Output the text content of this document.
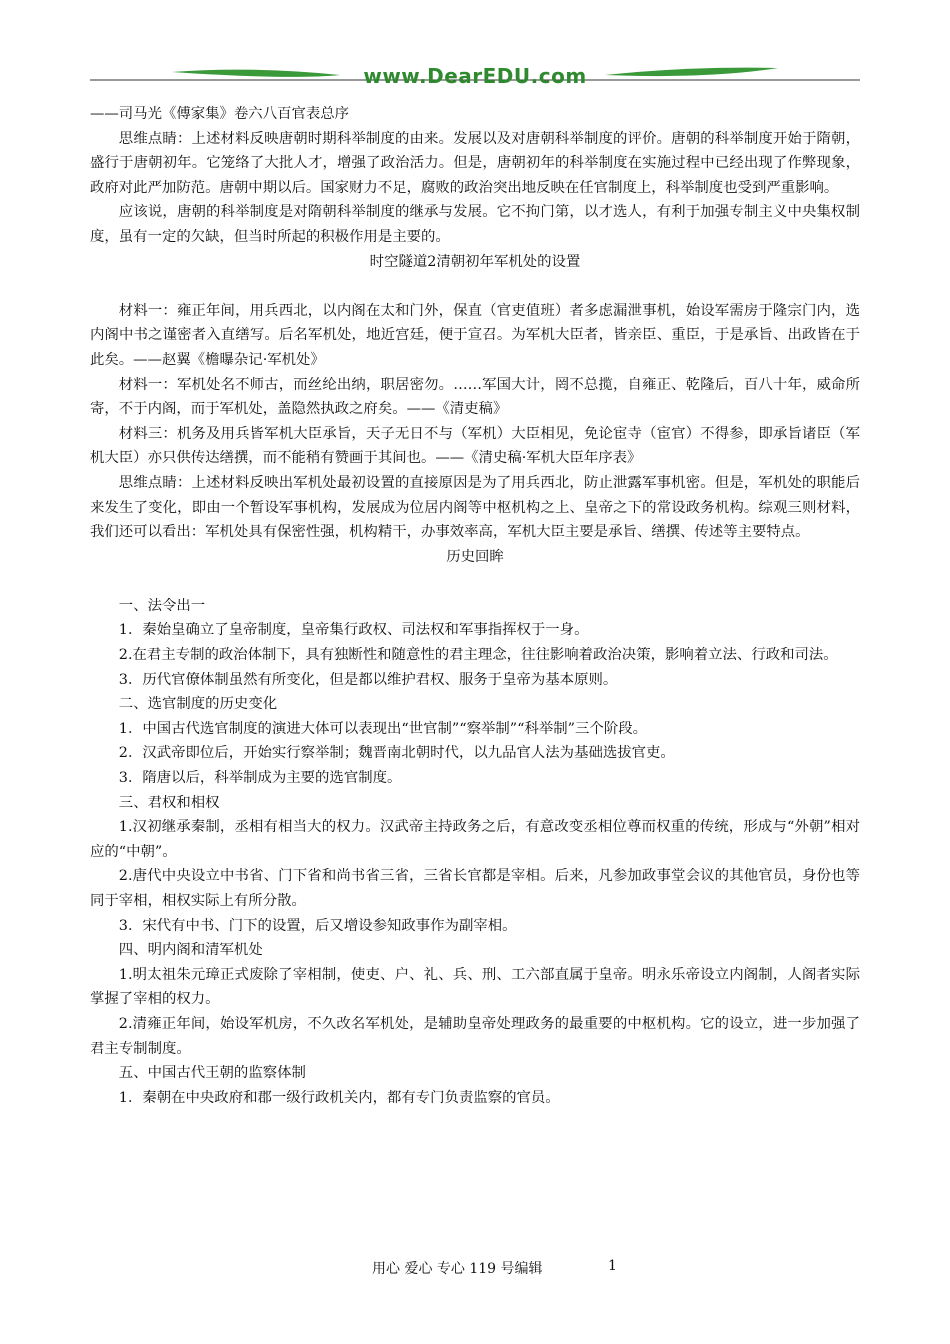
www.DearEDU.com

——司马光《傅家集》卷六八百官表总序

思维点睛：上述材料反映唐朝时期科举制度的由来。发展以及对唐朝科举制度的评价。唐朝的科举制度开始于隋朝，盛行于唐朝初年。它笼络了大批人才，增强了政治活力。但是，唐朝初年的科举制度在实施过程中已经出现了作弊现象，政府对此严加防范。唐朝中期以后。国家财力不足，腐败的政治突出地反映在任官制度上，科举制度也受到严重影响。

应该说，唐朝的科举制度是对隋朝科举制度的继承与发展。它不拘门第，以才选人，有利于加强专制主义中央集权制度，虽有一定的欠缺，但当时所起的积极作用是主要的。

时空隧道2清朝初年军机处的设置

材料一：雍正年间，用兵西北，以内阁在太和门外，保直（官吏值班）者多虑漏泄事机，始设军需房于隆宗门内，选内阁中书之谨密者入直缮写。后名军机处，地近宫廷，便于宣召。为军机大臣者，皆亲臣、重臣，于是承旨、出政皆在于此矣。——赵翼《檐曝杂记·军机处》

材料一：军机处名不师古，而丝纶出纳，职居密勿。……军国大计，罔不总揽，自雍正、乾隆后，百八十年，威命所寄，不于内阁，而于军机处，盖隐然执政之府矣。——《清吏稿》

材料三：机务及用兵皆军机大臣承旨，天子无日不与（军机）大臣相见，免论宦寺（宦官）不得参，即承旨诸臣（军机大臣）亦只供传达缮撰，而不能稍有赞画于其间也。——《清史稿·军机大臣年序表》

思维点睛：上述材料反映出军机处最初设置的直接原因是为了用兵西北，防止泄露军事机密。但是，军机处的职能后来发生了变化，即由一个暂设军事机构，发展成为位居内阁等中枢机构之上、皇帝之下的常设政务机构。综观三则材料，我们还可以看出：军机处具有保密性强，机构精干，办事效率高，军机大臣主要是承旨、缮撰、传述等主要特点。

历史回眸

一、法令出一

1．秦始皇确立了皇帝制度，皇帝集行政权、司法权和军事指挥权于一身。

2.在君主专制的政治体制下，具有独断性和随意性的君主理念，往往影响着政治决策，影响着立法、行政和司法。

3．历代官僚体制虽然有所变化，但是都以维护君权、服务于皇帝为基本原则。

二、选官制度的历史变化

1．中国古代选官制度的演进大体可以表现出“世官制”“察举制”“科举制”三个阶段。

2．汉武帝即位后，开始实行察举制；魏晋南北朝时代，以九品官人法为基础选拔官吏。

3．隋唐以后，科举制成为主要的选官制度。

三、君权和相权

1.汉初继承秦制，丞相有相当大的权力。汉武帝主持政务之后，有意改变丞相位尊而权重的传统，形成与“外朝”相对应的“中朝”。

2.唐代中央设立中书省、门下省和尚书省三省，三省长官都是宰相。后来，凡参加政事堂会议的其他官员，身份也等同于宰相，相权实际上有所分散。

3．宋代有中书、门下的设置，后又增设参知政事作为副宰相。

四、明内阁和清军机处

1.明太祖朱元璋正式废除了宰相制，使吏、户、礼、兵、刑、工六部直属于皇帝。明永乐帝设立内阁制，人阁者实际掌握了宰相的权力。

2.清雍正年间，始设军机房，不久改名军机处，是辅助皇帝处理政务的最重要的中枢机构。它的设立，进一步加强了君主专制制度。

五、中国古代王朝的监察体制

1．秦朝在中央政府和郡一级行政机关内，都有专门负责监察的官员。

用心 爱心 专心 119 号编辑	1
